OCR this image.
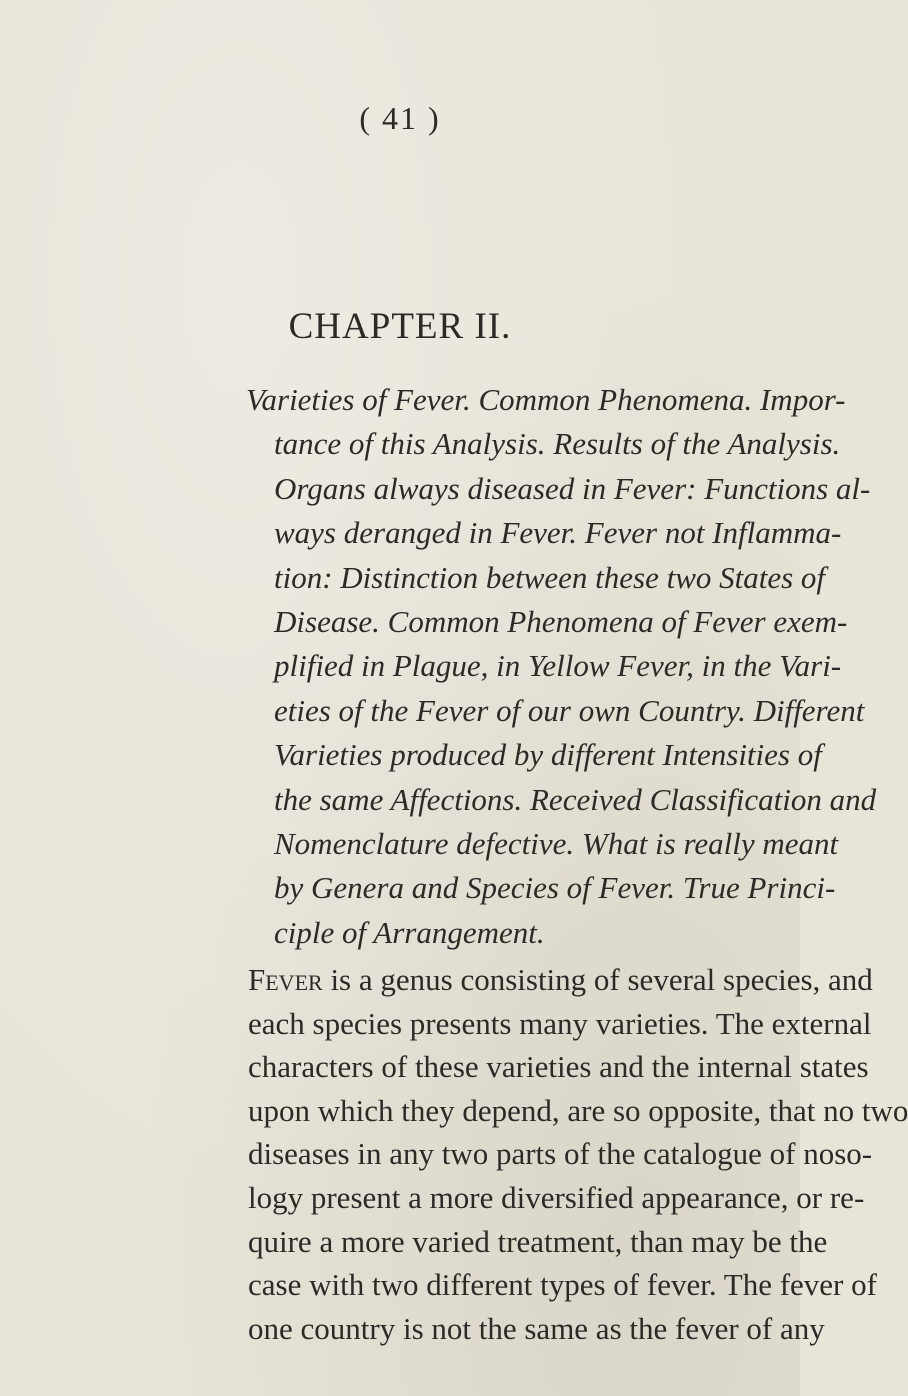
( 41 )
CHAPTER II.

Varieties of Fever. Common Phenomena. Impor-
tance of this Analysis. Results of the Analysis.
Organs always diseased in Fever: Functions al-
ways deranged in Fever. Fever not Inflamma-
tion: Distinction between these two States of
Disease. Common Phenomena of Fever exem-
plified in Plague, in Yellow Fever, in the Vari-
eties of the Fever of our own Country. Different
Varieties produced by different Intensities of
the same Affections. Received Classification and
Nomenclature defective. What is really meant
by Genera and Species of Fever. True Princi-
ciple of Arrangement.

Fever is a genus consisting of several species, and
each species presents many varieties. The external
characters of these varieties and the internal states
upon which they depend, are so opposite, that no two
diseases in any two parts of the catalogue of noso-
logy present a more diversified appearance, or re-
quire a more varied treatment, than may be the
case with two different types of fever. The fever of
one country is not the same as the fever of any
